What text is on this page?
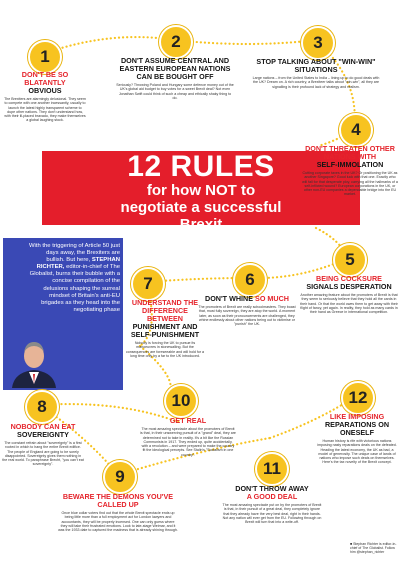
12 RULES
for how NOT to
negotiate a successful
Brexit
With the triggering of Article 50 just days away, the Brexiters are bullish. But here, STEPHAN RICHTER, editor-in-chief of The Globalist, burns their bubble with a concise compilation of the delusions shaping the surreal mindset of Britain's anti-EU brigades as they head into the negotiating phase
1
2	3
4
5
6
7
8
9
10
11
12
DON'T BE SO BLATANTLY
OBVIOUS
The Brexiters are alarmingly delusional. They seem to compete with one another incessantly, usually to launch the latest highly transparent scheme to dupe other nations. They don't understand how, with their ill-placed bravado, they make themselves a global laughing stock.
DON'T ASSUME CENTRAL AND EASTERN EUROPEAN NATIONS CAN BE BOUGHT OFF
Seriously? Throwing Poland and Hungary some defence money out of the UK's global aid budget to buy votes for a sweet Brexit deal? Not even Jonathan Swift could think of such a cheap and ethically shaky thing to do.
STOP TALKING ABOUT "WIN-WIN" SITUATIONS
Large nations – from the United States to India – lining up to do good deals with the UK? Dream on. A rich country, a Brexiteer talks about "win-win", all they are signalling is their profound lack of strategy and realism.
DON'T THREATEN OTHER NATIONS WITH
SELF-IMMOLATION
Cutting corporate taxes in the UK? Or positioning the UK as another Singapore? Good luck with that one. Exactly who will fall for that desperate ploy, carrying all the hallmarks of a self-inflicted wound? European corporations in the UK, or other non-EU companies a dependable bridge into the EU market.
BEING COCKSURE
SIGNALS DESPERATION
Another amazing feature about the promoters of Brexit is that they seem to seriously believe that they hold all the cards in their hand. Or that the world owes them to get away with their flight of fancy, yet again. In reality, they hold as many cards in their hand as Greece in international competition.
DON'T WHINE SO MUCH
The promoters of Brexit are really schoolmasters. They boast that, must fully sovereign, they are atop the world. A moment later, as soon as their pronouncements are challenged, they whine endlessly about other nations being out to victimise or "punish" the UK.
UNDERSTAND THE DIFFERENCE BETWEEN
PUNISHMENT AND SELF-PUNISHMENT
Nobody is forcing the UK to pursue its manoeuvres in stonewalling. But the consequences are foreseeable and will hold for a long time only by a far to the UK introduced.
NOBODY CAN EAT
SOVEREIGNTY
The constant refrain about "sovereignty" is a first rooted in which to hang the entire Brexit edifice. The people of England are going to be sorely disappointed. Sovereignty gives them nothing in the real world. To paraphrase Brecht, "you can't eat sovereignty".
BEWARE THE DEMONS YOU'VE
CALLED UP
Once blue collar voters find out that the whole Brexit spectacle ends up being little more than a full employment act for London lawyers and accountants, they will be properly incensed. One can only guess where they will take their frustrated emotions. Look to late-stage Weimar, and it was the 1933 date to captured the madness that is already shining through.
GET REAL
The most amazing spectacle about the promoters of Brexit is that, in their unswerving pursuit of a "grand" deal, they are determined not to take in reality. It's a bit like the Russian Communists in 1917. They ended up, quite accidentally, with a revolution – and were prepared to make the country fit the ideological precepts. See Stalin's "Socialism in one country".
DON'T THROW AWAY
A GOOD DEAL
The most amazing spectacle put on by the promoters of Brexit is that, in their pursuit of a great deal, they completely ignore that they already have the very best deal, right in their hands. Not any nation will ever get from the EU. Following through on Brexit will turn that into a write-off.
LIKE IMPOSING
REPARATIONS ON ONESELF
Human history is rife with victorious nations imposing nasty reparations deals on the defeated. Heading the latest economy, the UK as bad, a model of generosity. The unique case of lands of nations who impose such deals on themselves. Here's the tax novelty of the Brexit concept.
■ Stephan Richter is editor-in-chief of The Globalist. Follow him @stephan_richter
